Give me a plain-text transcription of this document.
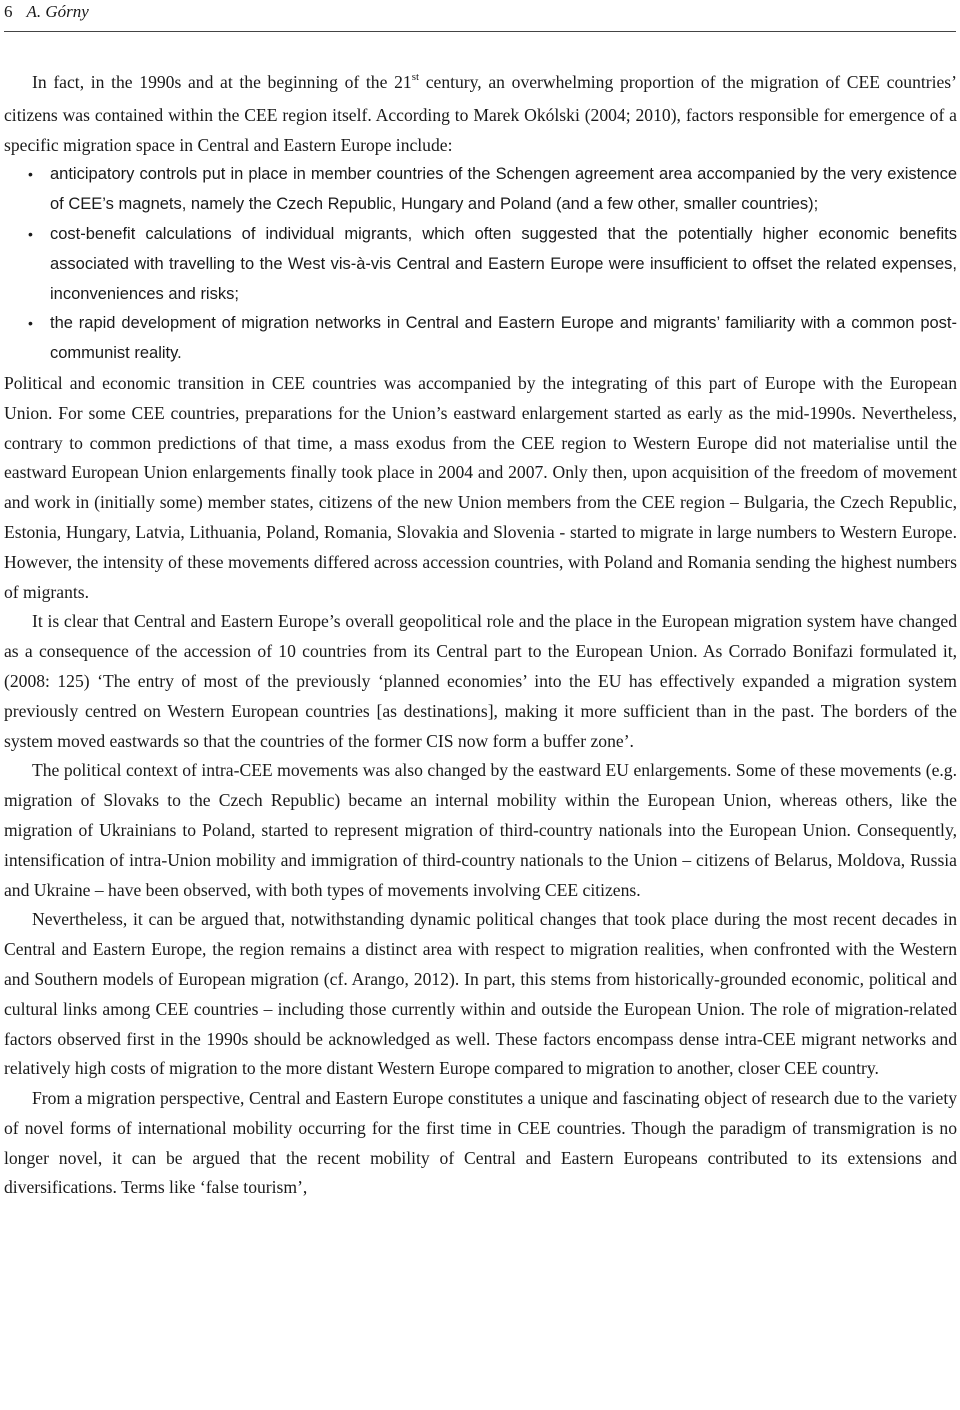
6 A. Górny

In fact, in the 1990s and at the beginning of the 21st century, an overwhelming proportion of the migration of CEE countries’ citizens was contained within the CEE region itself. According to Marek Okólski (2004; 2010), factors responsible for emergence of a specific migration space in Central and Eastern Europe include:

• anticipatory controls put in place in member countries of the Schengen agreement area accompanied by the very existence of CEE’s magnets, namely the Czech Republic, Hungary and Poland (and a few other, smaller countries);
• cost-benefit calculations of individual migrants, which often suggested that the potentially higher economic benefits associated with travelling to the West vis-à-vis Central and Eastern Europe were insufficient to offset the related expenses, inconveniences and risks;
• the rapid development of migration networks in Central and Eastern Europe and migrants’ familiarity with a common post-communist reality.

Political and economic transition in CEE countries was accompanied by the integrating of this part of Europe with the European Union. For some CEE countries, preparations for the Union’s eastward enlargement started as early as the mid-1990s. Nevertheless, contrary to common predictions of that time, a mass exodus from the CEE region to Western Europe did not materialise until the eastward European Union enlargements finally took place in 2004 and 2007. Only then, upon acquisition of the freedom of movement and work in (initially some) member states, citizens of the new Union members from the CEE region – Bulgaria, the Czech Republic, Estonia, Hungary, Latvia, Lithuania, Poland, Romania, Slovakia and Slovenia - started to migrate in large numbers to Western Europe. However, the intensity of these movements differed across accession countries, with Poland and Romania sending the highest numbers of migrants.

It is clear that Central and Eastern Europe’s overall geopolitical role and the place in the European migration system have changed as a consequence of the accession of 10 countries from its Central part to the European Union. As Corrado Bonifazi formulated it, (2008: 125) ‘The entry of most of the previously ‘planned economies’ into the EU has effectively expanded a migration system previously centred on Western European countries [as destinations], making it more sufficient than in the past. The borders of the system moved eastwards so that the countries of the former CIS now form a buffer zone’.

The political context of intra-CEE movements was also changed by the eastward EU enlargements. Some of these movements (e.g. migration of Slovaks to the Czech Republic) became an internal mobility within the European Union, whereas others, like the migration of Ukrainians to Poland, started to represent migration of third-country nationals into the European Union. Consequently, intensification of intra-Union mobility and immigration of third-country nationals to the Union – citizens of Belarus, Moldova, Russia and Ukraine – have been observed, with both types of movements involving CEE citizens.

Nevertheless, it can be argued that, notwithstanding dynamic political changes that took place during the most recent decades in Central and Eastern Europe, the region remains a distinct area with respect to migration realities, when confronted with the Western and Southern models of European migration (cf. Arango, 2012). In part, this stems from historically-grounded economic, political and cultural links among CEE countries – including those currently within and outside the European Union. The role of migration-related factors observed first in the 1990s should be acknowledged as well. These factors encompass dense intra-CEE migrant networks and relatively high costs of migration to the more distant Western Europe compared to migration to another, closer CEE country.

From a migration perspective, Central and Eastern Europe constitutes a unique and fascinating object of research due to the variety of novel forms of international mobility occurring for the first time in CEE countries. Though the paradigm of transmigration is no longer novel, it can be argued that the recent mobility of Central and Eastern Europeans contributed to its extensions and diversifications. Terms like ‘false tourism’,
